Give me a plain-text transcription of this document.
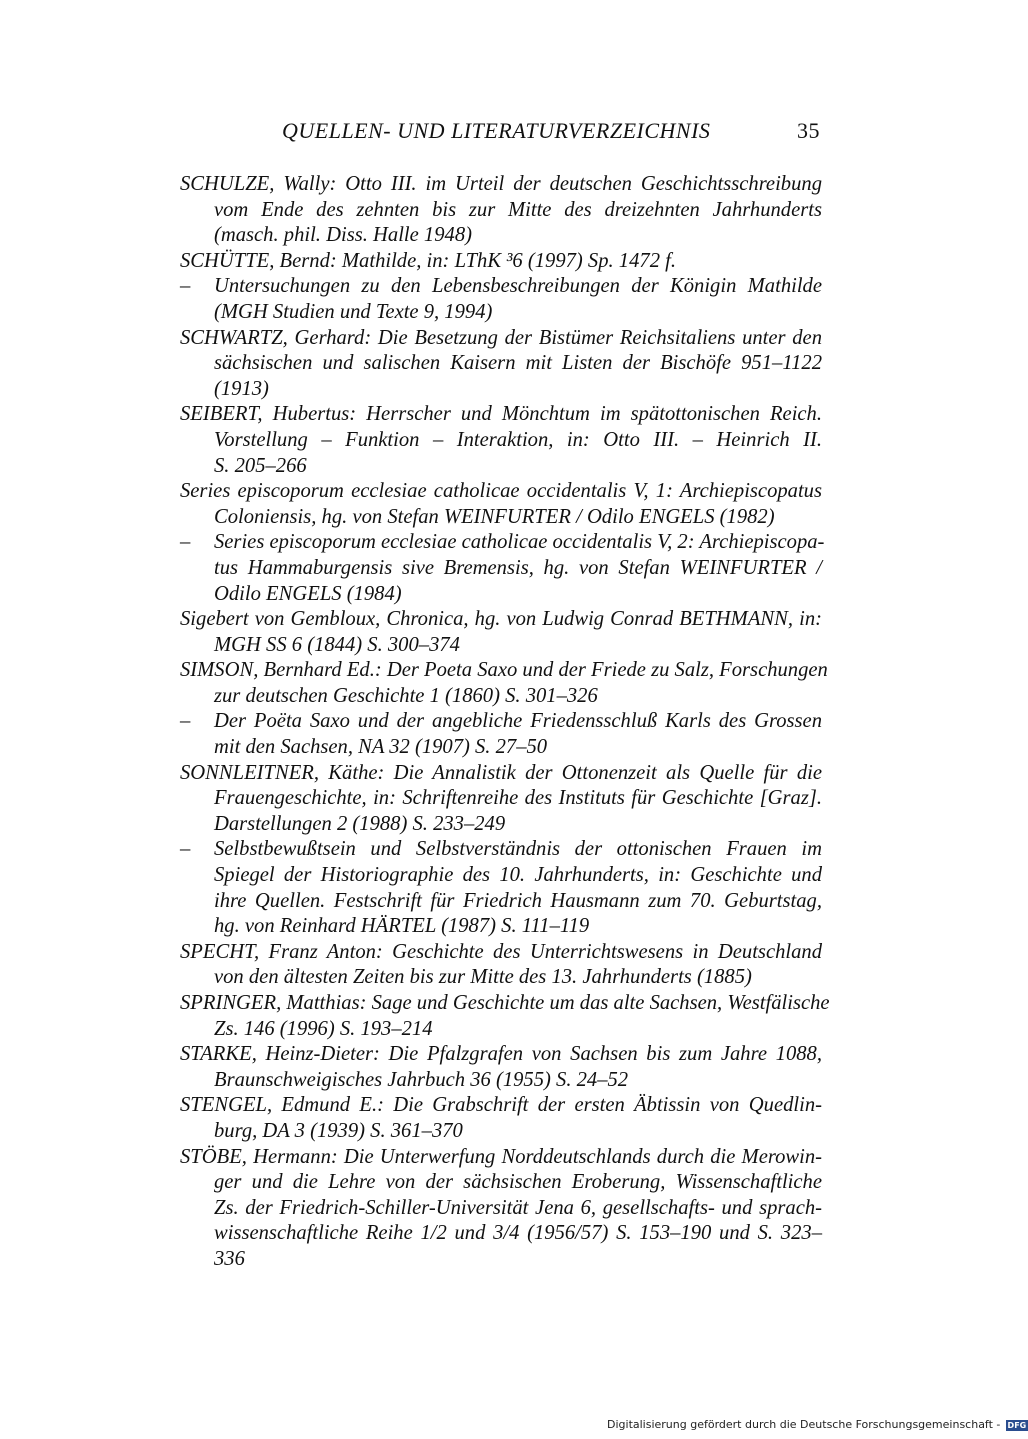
QUELLEN- UND LITERATURVERZEICHNIS	35
SCHULZE, Wally: Otto III. im Urteil der deutschen Geschichtsschreibung
vom Ende des zehnten bis zur Mitte des dreizehnten Jahrhunderts
(masch. phil. Diss. Halle 1948)
SCHÜTTE, Bernd: Mathilde, in: LThK ³6 (1997) Sp. 1472 f.
–	Untersuchungen zu den Lebensbeschreibungen der Königin Mathilde
(MGH Studien und Texte 9, 1994)
SCHWARTZ, Gerhard: Die Besetzung der Bistümer Reichsitaliens unter den
sächsischen und salischen Kaisern mit Listen der Bischöfe 951–1122
(1913)
SEIBERT, Hubertus: Herrscher und Mönchtum im spätottonischen Reich.
Vorstellung – Funktion – Interaktion, in: Otto III. – Heinrich II.
S. 205–266
Series episcoporum ecclesiae catholicae occidentalis V, 1: Archiepiscopatus
Coloniensis, hg. von Stefan WEINFURTER / Odilo ENGELS (1982)
–	Series episcoporum ecclesiae catholicae occidentalis V, 2: Archiepiscopa-
tus Hammaburgensis sive Bremensis, hg. von Stefan WEINFURTER /
Odilo ENGELS (1984)
Sigebert von Gembloux, Chronica, hg. von Ludwig Conrad BETHMANN, in:
MGH SS 6 (1844) S. 300–374
SIMSON, Bernhard Ed.: Der Poeta Saxo und der Friede zu Salz, Forschungen
zur deutschen Geschichte 1 (1860) S. 301–326
–	Der Poëta Saxo und der angebliche Friedensschluß Karls des Grossen
mit den Sachsen, NA 32 (1907) S. 27–50
SONNLEITNER, Käthe: Die Annalistik der Ottonenzeit als Quelle für die
Frauengeschichte, in: Schriftenreihe des Instituts für Geschichte [Graz].
Darstellungen 2 (1988) S. 233–249
–	Selbstbewußtsein und Selbstverständnis der ottonischen Frauen im
Spiegel der Historiographie des 10. Jahrhunderts, in: Geschichte und
ihre Quellen. Festschrift für Friedrich Hausmann zum 70. Geburtstag,
hg. von Reinhard HÄRTEL (1987) S. 111–119
SPECHT, Franz Anton: Geschichte des Unterrichtswesens in Deutschland
von den ältesten Zeiten bis zur Mitte des 13. Jahrhunderts (1885)
SPRINGER, Matthias: Sage und Geschichte um das alte Sachsen, Westfälische
Zs. 146 (1996) S. 193–214
STARKE, Heinz-Dieter: Die Pfalzgrafen von Sachsen bis zum Jahre 1088,
Braunschweigisches Jahrbuch 36 (1955) S. 24–52
STENGEL, Edmund E.: Die Grabschrift der ersten Äbtissin von Quedlin-
burg, DA 3 (1939) S. 361–370
STÖBE, Hermann: Die Unterwerfung Norddeutschlands durch die Merowin-
ger und die Lehre von der sächsischen Eroberung, Wissenschaftliche
Zs. der Friedrich-Schiller-Universität Jena 6, gesellschafts- und sprach-
wissenschaftliche Reihe 1/2 und 3/4 (1956/57) S. 153–190 und S. 323–
336
Digitalisierung gefördert durch die Deutsche Forschungsgemeinschaft - DFG
